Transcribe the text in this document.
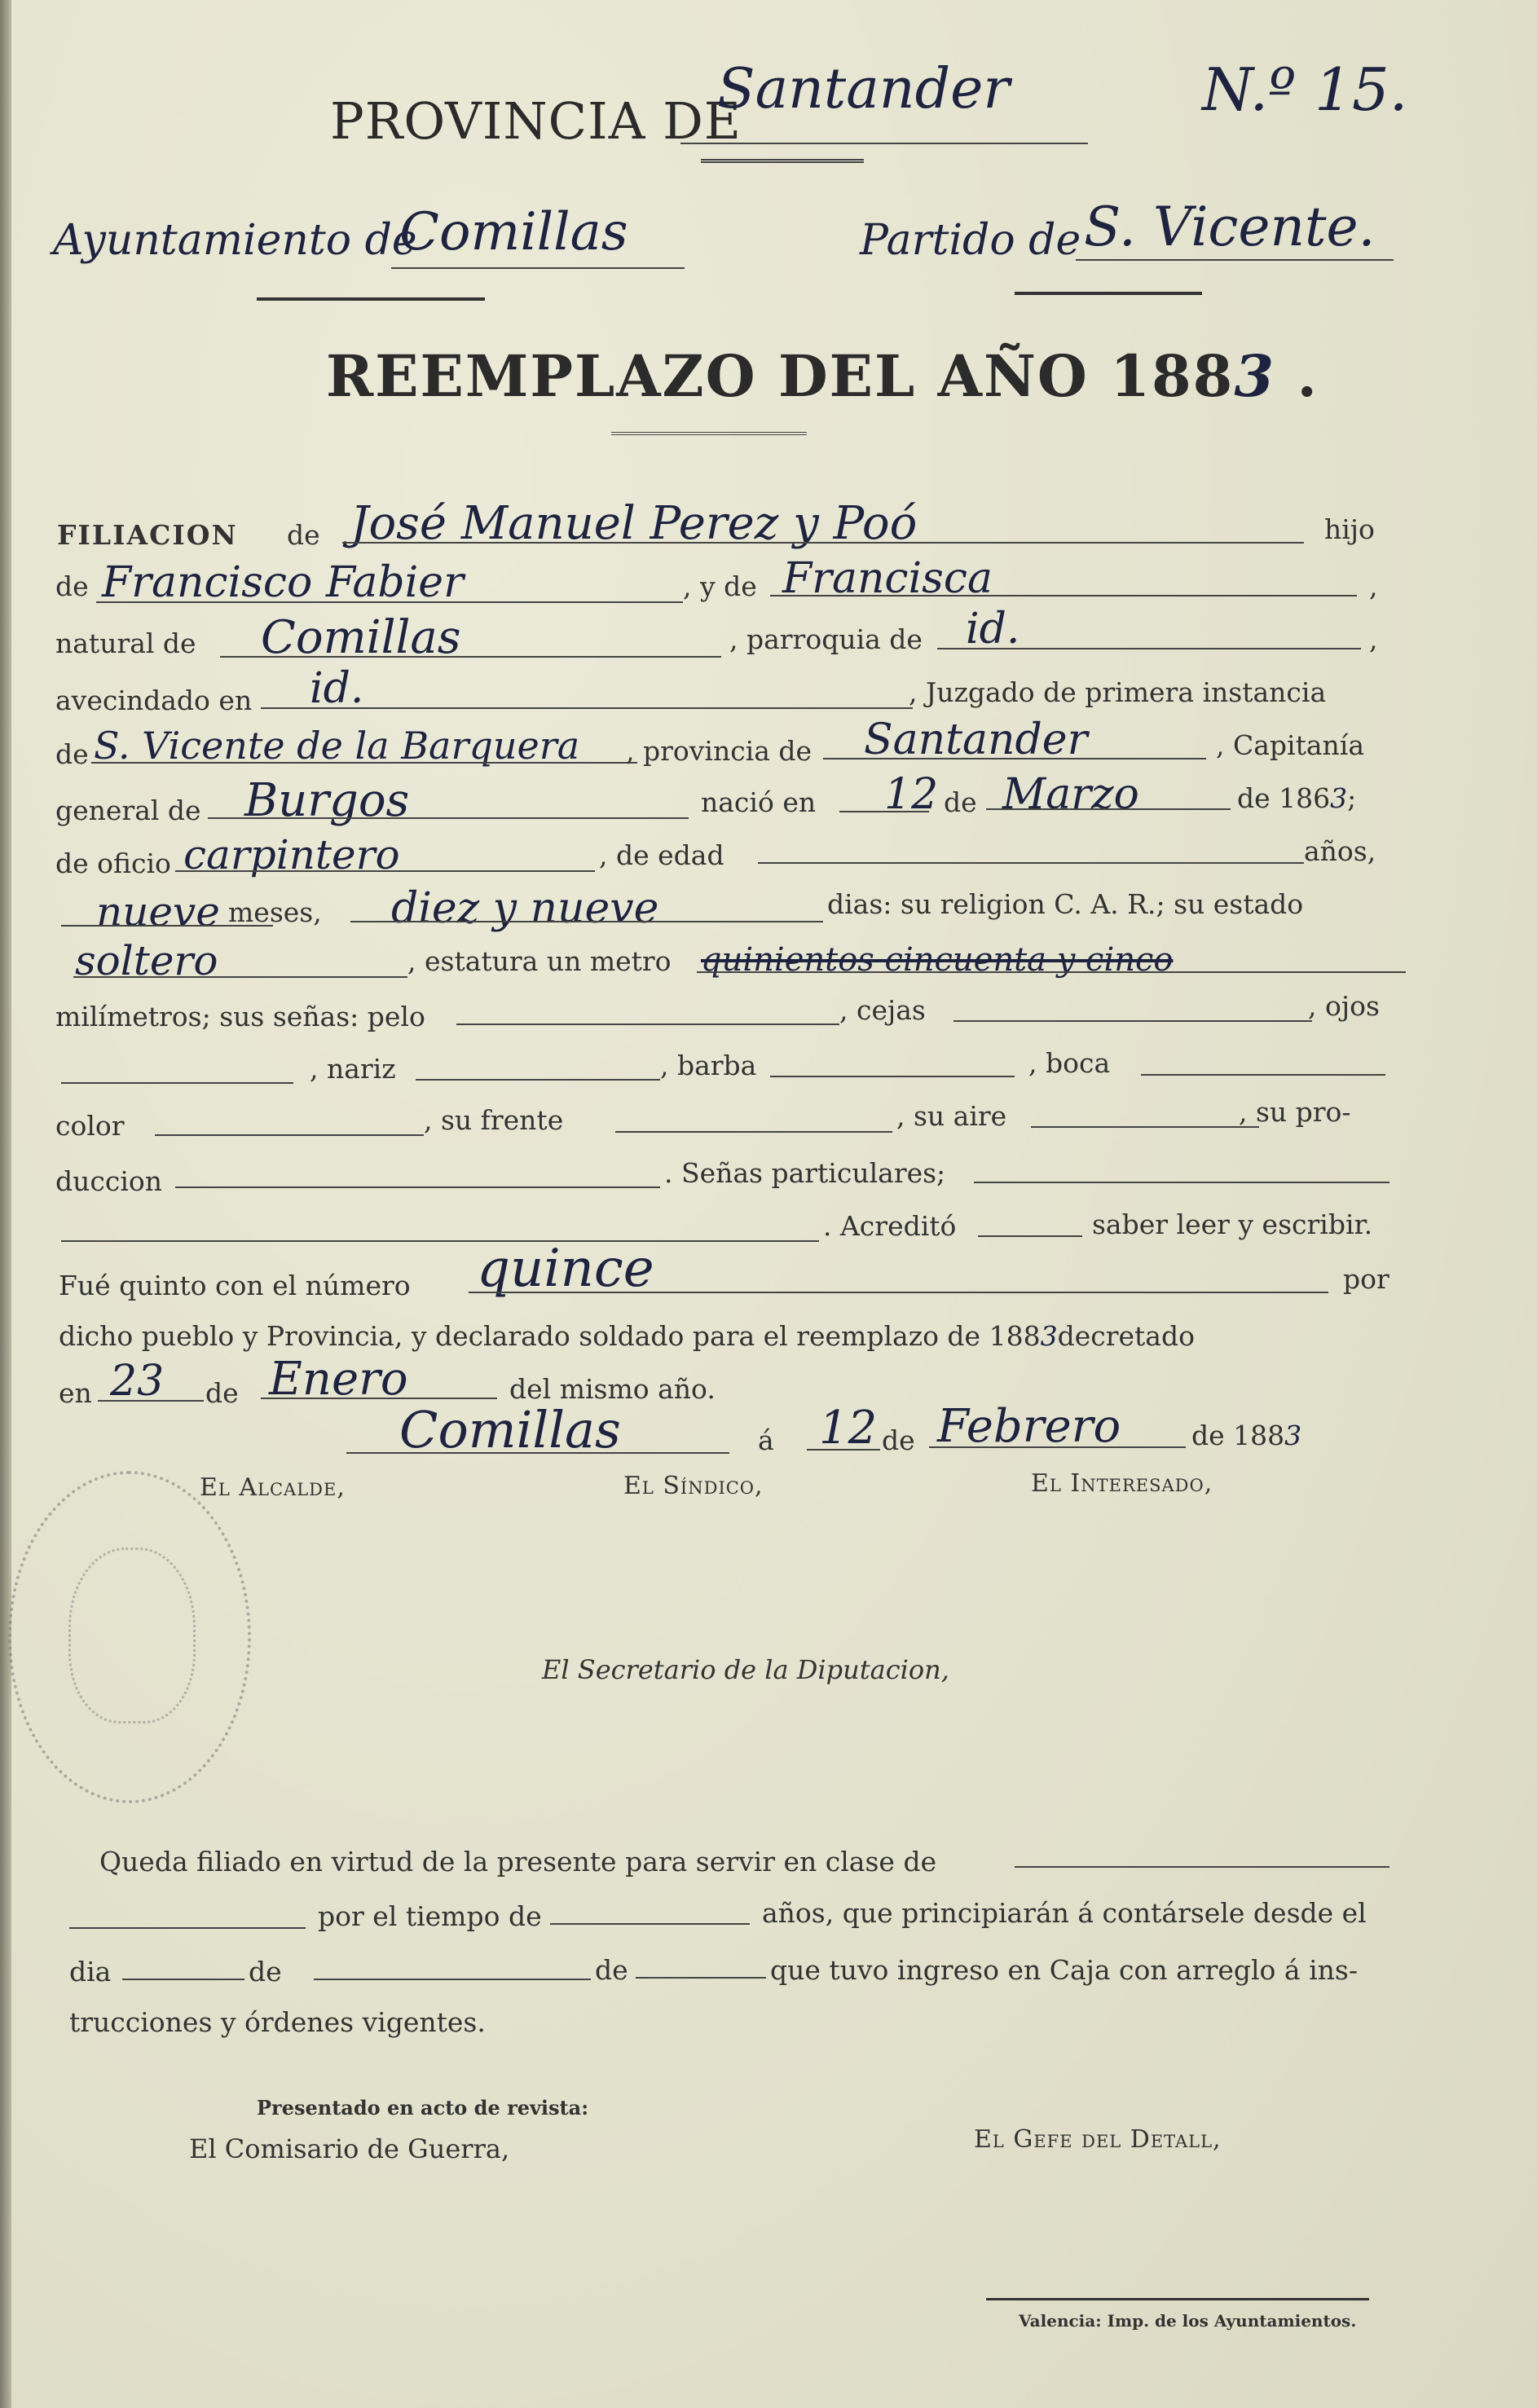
PROVINCIA DE
Santander	N.º 15.
Ayuntamiento de
Comillas	Partido de S. Vicente.
REEMPLAZO DEL AÑO 1883 .
FILIACION de José Manuel Perez y Poó	hijo
de Francisco Fabier	, y de Francisca	,
natural de Comillas	, parroquia de id.	,
avecindado en id.	, Juzgado de primera instancia
de S. Vicente de la Barquera , provincia de Santander	, Capitanía
general de Burgos	nació en 12 de Marzo	de 1863;
de oficio carpintero	, de edad	años,
nueve meses, diez y nueve	dias: su religion C. A. R.; su estado
soltero	, estatura un metro quinientos cincuenta y cinco
milímetros; sus señas: pelo	, cejas	, ojos
, nariz	, barba	, boca
color	, su frente	, su aire	, su pro-
duccion	. Señas particulares;
. Acreditó	saber leer y escribir.
Fué quinto con el número quince	por
dicho pueblo y Provincia, y declarado soldado para el reemplazo de 1883decretado
en 23 de Enero	del mismo año.
Comillas	á 12 de Febrero	de 1883
El Alcalde,	El Síndico,	El Interesado,
El Secretario de la Diputacion,
Queda filiado en virtud de la presente para servir en clase de
por el tiempo de	años, que principiarán á contársele desde el
dia	de	de	que tuvo ingreso en Caja con arreglo á ins-
trucciones y órdenes vigentes.
Presentado en acto de revista:
El Comisario de Guerra,	El Gefe del Detall,
Valencia: Imp. de los Ayuntamientos.
